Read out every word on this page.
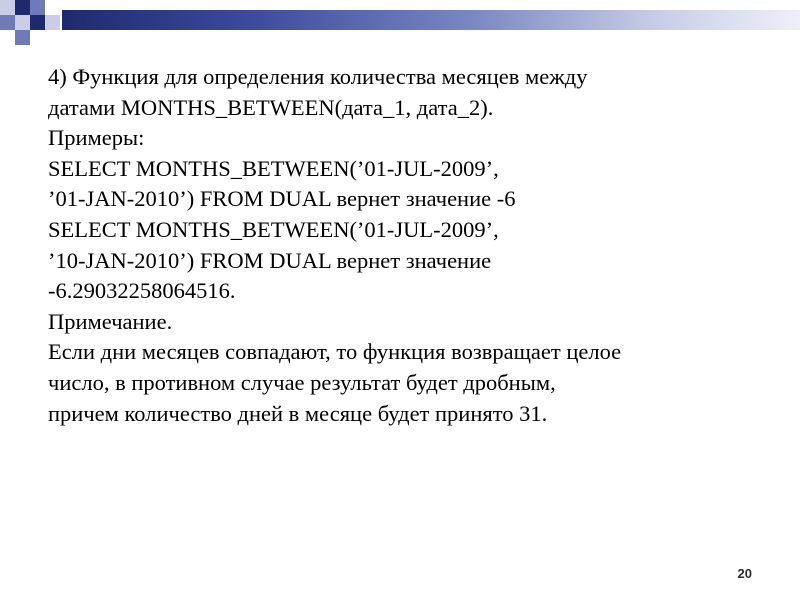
4) Функция для определения количества месяцев между
датами MONTHS_BETWEEN(дата_1, дата_2).
Примеры:
SELECT MONTHS_BETWEEN(’01-JUL-2009’,
’01-JAN-2010’) FROM DUAL вернет значение -6
SELECT MONTHS_BETWEEN(’01-JUL-2009’,
’10-JAN-2010’) FROM DUAL вернет значение
-6.29032258064516.
Примечание.
Если дни месяцев совпадают, то функция возвращает целое
число, в противном случае результат будет дробным,
причем количество дней в месяце будет принято 31.
20
